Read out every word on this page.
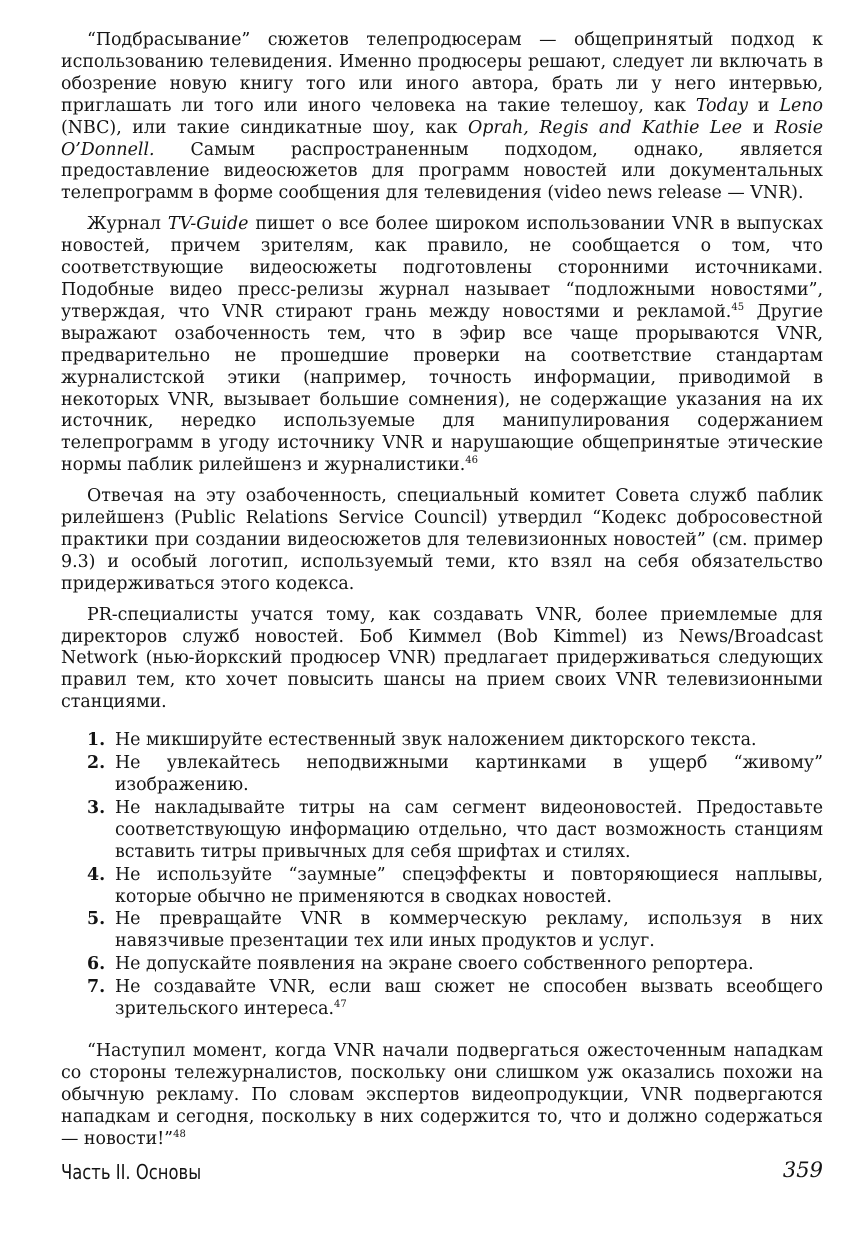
“Подбрасывание” сюжетов телепродюсерам — общепринятый подход к использованию телевидения. Именно продюсеры решают, следует ли включать в обозрение новую книгу того или иного автора, брать ли у него интервью, приглашать ли того или иного человека на такие телешоу, как Today и Leno (NBC), или такие синдикатные шоу, как Oprah, Regis and Kathie Lee и Rosie O’Donnell. Самым распространенным подходом, однако, является предоставление видеосюжетов для программ новостей или документальных телепрограмм в форме сообщения для телевидения (video news release — VNR).

Журнал TV-Guide пишет о все более широком использовании VNR в выпусках новостей, причем зрителям, как правило, не сообщается о том, что соответствующие видеосюжеты подготовлены сторонними источниками. Подобные видео пресс-релизы журнал называет “подложными новостями”, утверждая, что VNR стирают грань между новостями и рекламой.$^{45}$ Другие выражают озабоченность тем, что в эфир все чаще прорываются VNR, предварительно не прошедшие проверки на соответствие стандартам журналистской этики (например, точность информации, приводимой в некоторых VNR, вызывает большие сомнения), не содержащие указания на их источник, нередко используемые для манипулирования содержанием телепрограмм в угоду источнику VNR и нарушающие общепринятые этические нормы паблик рилейшенз и журналистики.$^{46}$

Отвечая на эту озабоченность, специальный комитет Совета служб паблик рилейшенз (Public Relations Service Council) утвердил “Кодекс добросовестной практики при создании видеосюжетов для телевизионных новостей” (см. пример 9.3) и особый логотип, используемый теми, кто взял на себя обязательство придерживаться этого кодекса.

PR-специалисты учатся тому, как создавать VNR, более приемлемые для директоров служб новостей. Боб Киммел (Bob Kimmel) из News/Broadcast Network (нью-йоркский продюсер VNR) предлагает придерживаться следующих правил тем, кто хочет повысить шансы на прием своих VNR телевизионными станциями.

1. Не микшируйте естественный звук наложением дикторского текста.
2. Не увлекайтесь неподвижными картинками в ущерб “живому” изображению.
3. Не накладывайте титры на сам сегмент видеоновостей. Предоставьте соответствующую информацию отдельно, что даст возможность станциям вставить титры привычных для себя шрифтах и стилях.
4. Не используйте “заумные” спецэффекты и повторяющиеся наплывы, которые обычно не применяются в сводках новостей.
5. Не превращайте VNR в коммерческую рекламу, используя в них навязчивые презентации тех или иных продуктов и услуг.
6. Не допускайте появления на экране своего собственного репортера.
7. Не создавайте VNR, если ваш сюжет не способен вызвать всеобщего зрительского интереса.$^{47}$

“Наступил момент, когда VNR начали подвергаться ожесточенным нападкам со стороны тележурналистов, поскольку они слишком уж оказались похожи на обычную рекламу. По словам экспертов видеопродукции, VNR подвергаются нападкам и сегодня, поскольку в них содержится то, что и должно содержаться — новости!”$^{48}$

Часть II. Основы	359
